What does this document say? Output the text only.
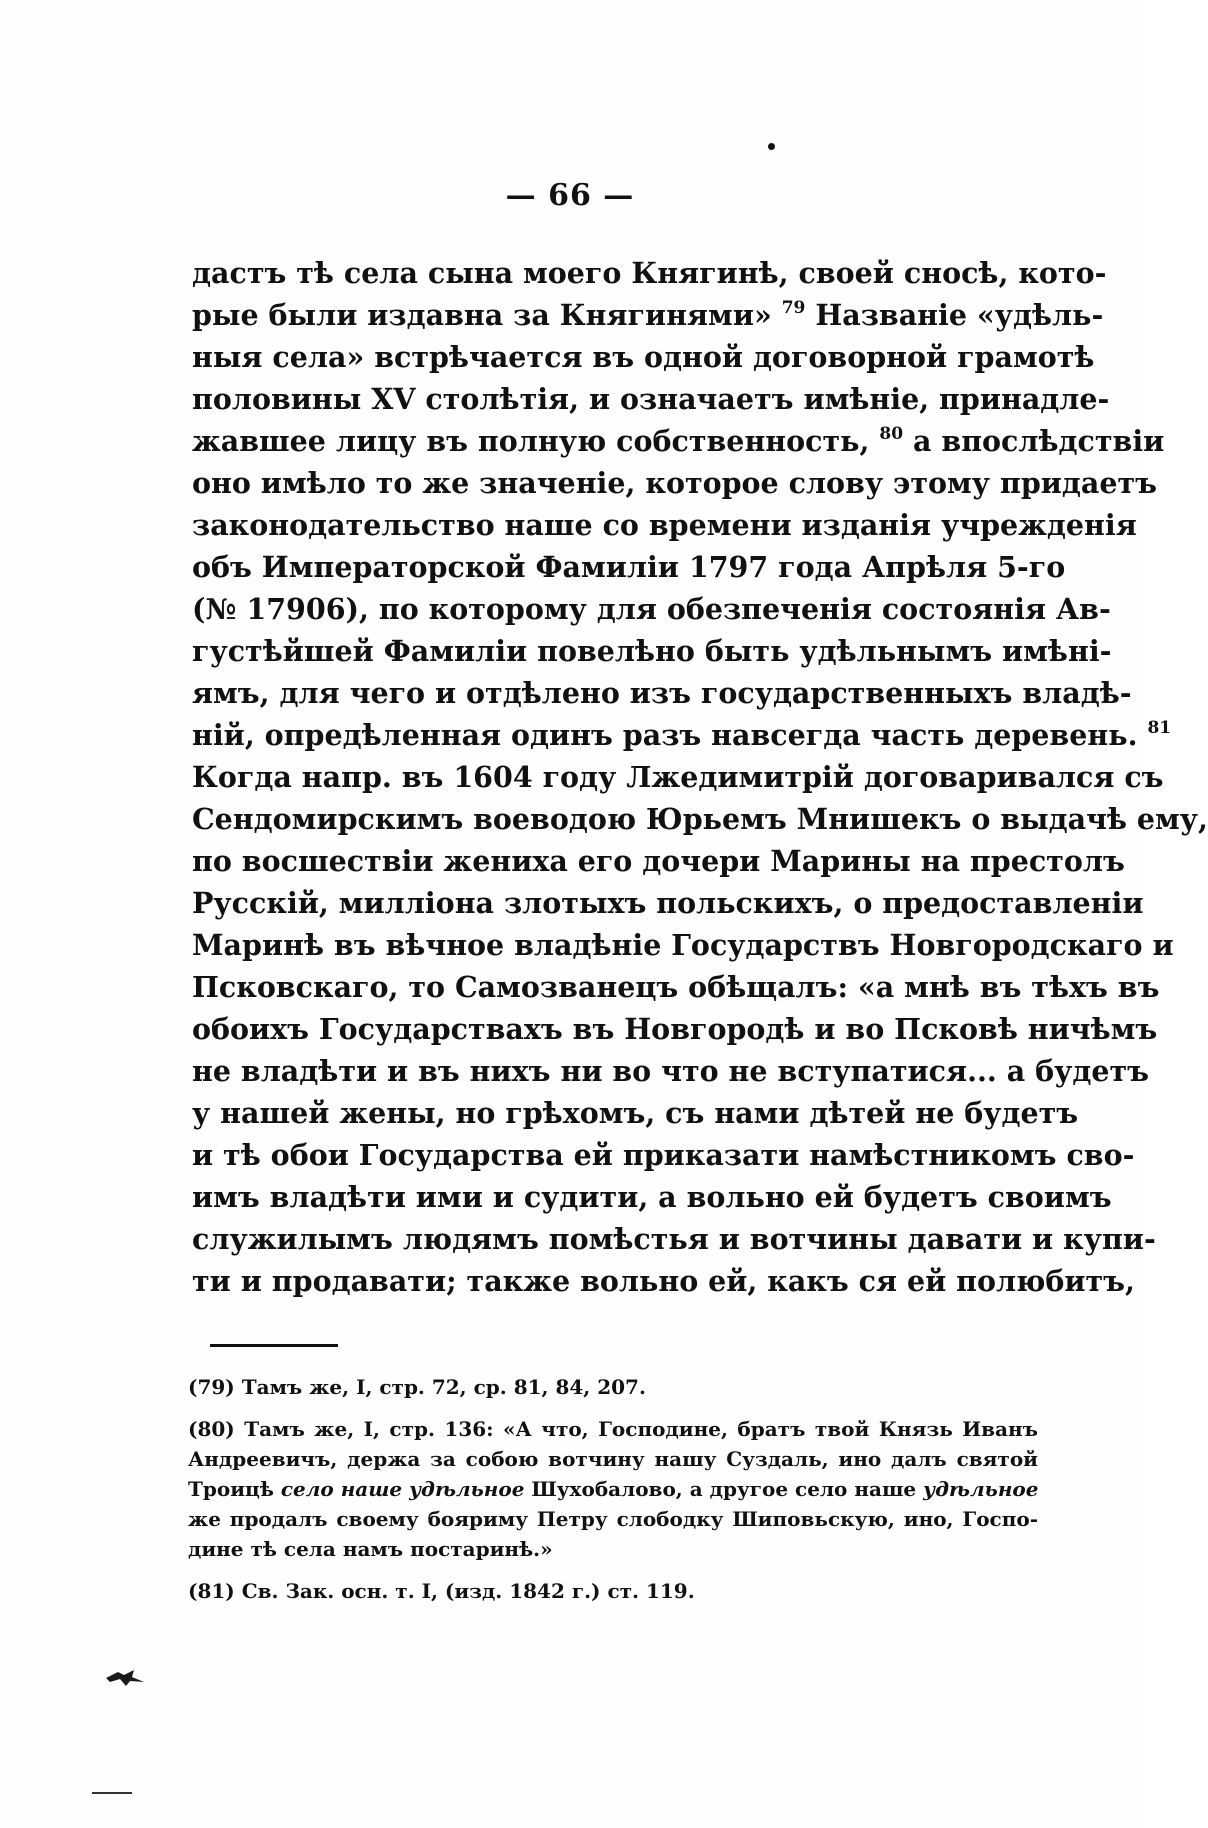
— 66 —
дастъ тѣ села сына моего Княгинѣ, своей сносѣ, кото-
рые были издавна за Княгинями» $^{79}$ Названіе «удѣль-
ныя села» встрѣчается въ одной договорной грамотѣ
половины XV столѣтія, и означаетъ имѣніе, принадле-
жавшее лицу въ полную собственность, $^{80}$ а впослѣдствіи
оно имѣло то же значеніе, которое слову этому придаетъ
законодательство наше со времени изданія учрежденія
объ Императорской Фамиліи 1797 года Апрѣля 5-го
(№ 17906), по которому для обезпеченія состоянія Ав-
густѣйшей Фамиліи повелѣно быть удѣльнымъ имѣні-
ямъ, для чего и отдѣлено изъ государственныхъ владѣ-
ній, опредѣленная одинъ разъ навсегда часть деревень. $^{81}$
Когда напр. въ 1604 году Лжедимитрій договаривался съ
Сендомирскимъ воеводою Юрьемъ Мнишекъ о выдачѣ ему,
по восшествіи жениха его дочери Марины на престолъ
Русскій, милліона злотыхъ польскихъ, о предоставленіи
Маринѣ въ вѣчное владѣніе Государствъ Новгородскаго и
Псковскаго, то Самозванецъ обѣщалъ: «а мнѣ въ тѣхъ въ
обоихъ Государствахъ въ Новгородѣ и во Псковѣ ничѣмъ
не владѣти и въ нихъ ни во что не вступатися... а будетъ
у нашей жены, но грѣхомъ, съ нами дѣтей не будетъ
и тѣ обои Государства ей приказати намѣстникомъ сво-
имъ владѣти ими и судити, а вольно ей будетъ своимъ
служилымъ людямъ помѣстья и вотчины давати и купи-
ти и продавати; также вольно ей, какъ ся ей полюбитъ,
(79) Тамъ же, I, стр. 72, ср. 81, 84, 207.
(80) Тамъ же, I, стр. 136: «А что, Господине, братъ твой Князь Иванъ
Андреевичъ, держа за собою вотчину нашу Суздаль, ино далъ святой
Троицѣ село наше удѣльное Шухобалово, а другое село наше удѣльное
же продалъ своему бояриму Петру слободку Шиповьскую, ино, Госпо-
дине тѣ села намъ постаринѣ.»
(81) Св. Зак. осн. т. I, (изд. 1842 г.) ст. 119.
